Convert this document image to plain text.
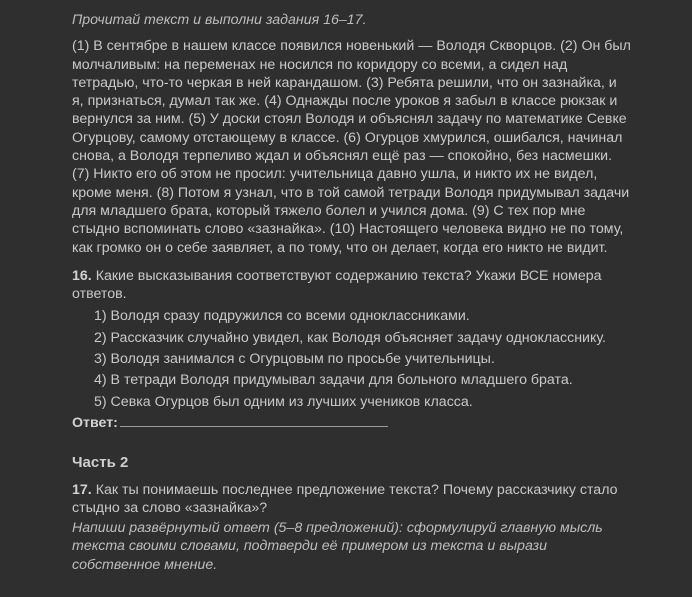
Прочитай текст и выполни задания 16–17.

(1) В сентябре в нашем классе появился новенький — Володя Скворцов. (2) Он был молчаливым: на переменах не носился по коридору со всеми, а сидел над тетрадью, что-то черкая в ней карандашом. (3) Ребята решили, что он зазнайка, и я, признаться, думал так же. (4) Однажды после уроков я забыл в классе рюкзак и вернулся за ним. (5) У доски стоял Володя и объяснял задачу по математике Севке Огурцову, самому отстающему в классе. (6) Огурцов хмурился, ошибался, начинал снова, а Володя терпеливо ждал и объяснял ещё раз — спокойно, без насмешки. (7) Никто его об этом не просил: учительница давно ушла, и никто их не видел, кроме меня. (8) Потом я узнал, что в той самой тетради Володя придумывал задачи для младшего брата, который тяжело болел и учился дома. (9) С тех пор мне стыдно вспоминать слово «зазнайка». (10) Настоящего человека видно не по тому, как громко он о себе заявляет, а по тому, что он делает, когда его никто не видит.

16. Какие высказывания соответствуют содержанию текста? Укажи ВСЕ номера ответов.
1) Володя сразу подружился со всеми одноклассниками.
2) Рассказчик случайно увидел, как Володя объясняет задачу однокласснику.
3) Володя занимался с Огурцовым по просьбе учительницы.
4) В тетради Володя придумывал задачи для больного младшего брата.
5) Севка Огурцов был одним из лучших учеников класса.
Ответ:
Часть 2
17. Как ты понимаешь последнее предложение текста? Почему рассказчику стало стыдно за слово «зазнайка»?
Напиши развёрнутый ответ (5–8 предложений): сформулируй главную мысль текста своими словами, подтверди её примером из текста и вырази собственное мнение.
